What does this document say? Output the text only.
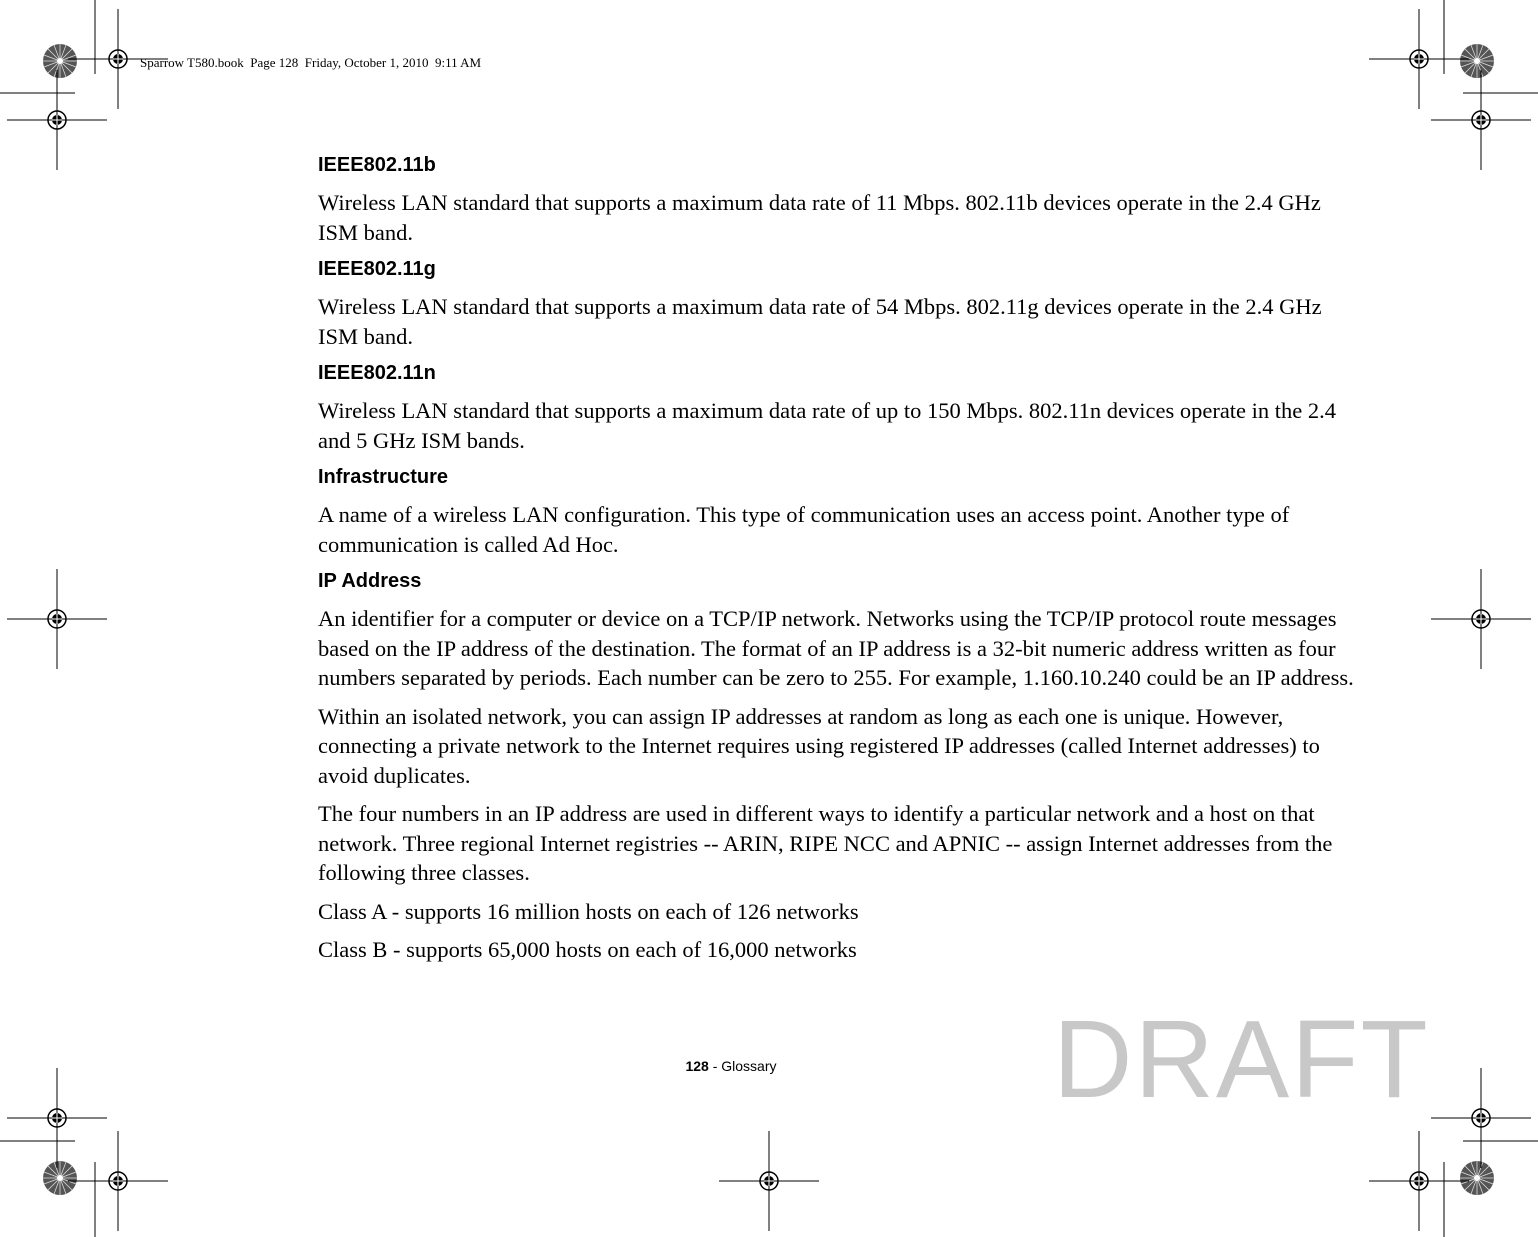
Sparrow T580.book  Page 128  Friday, October 1, 2010  9:11 AM
IEEE802.11b

Wireless LAN standard that supports a maximum data rate of 11 Mbps. 802.11b devices operate in the 2.4 GHz ISM band.

IEEE802.11g

Wireless LAN standard that supports a maximum data rate of 54 Mbps. 802.11g devices operate in the 2.4 GHz ISM band.

IEEE802.11n

Wireless LAN standard that supports a maximum data rate of up to 150 Mbps. 802.11n devices operate in the 2.4 and 5 GHz ISM bands.

Infrastructure

A name of a wireless LAN configuration. This type of communication uses an access point. Another type of communication is called Ad Hoc.

IP Address

An identifier for a computer or device on a TCP/IP network. Networks using the TCP/IP protocol route messages based on the IP address of the destination. The format of an IP address is a 32-bit numeric address written as four numbers separated by periods. Each number can be zero to 255. For example, 1.160.10.240 could be an IP address.

Within an isolated network, you can assign IP addresses at random as long as each one is unique. However, connecting a private network to the Internet requires using registered IP addresses (called Internet addresses) to avoid duplicates.

The four numbers in an IP address are used in different ways to identify a particular network and a host on that network. Three regional Internet registries -- ARIN, RIPE NCC and APNIC -- assign Internet addresses from the following three classes.

Class A - supports 16 million hosts on each of 126 networks

Class B - supports 65,000 hosts on each of 16,000 networks

128 - Glossary	DRAFT
